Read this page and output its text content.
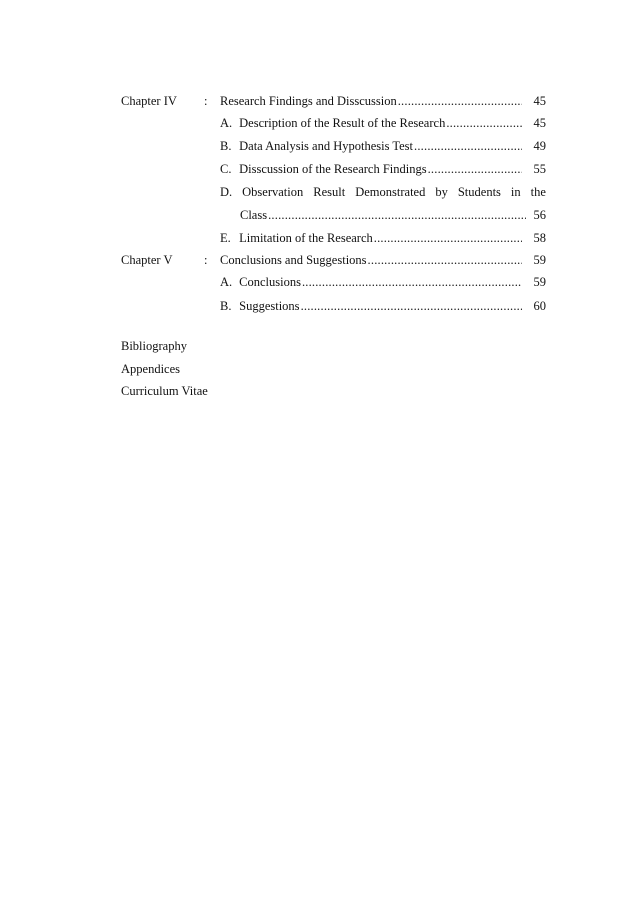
Chapter IV : Research Findings and Disscussion .....	45
A. Description of the Result of the Research .....	45
B. Data Analysis and Hypothesis Test .....	49
C. Disscussion of the Research Findings .....	55
D. Observation Result Demonstrated by Students in the
Class .....	56
E. Limitation of the Research .....	58
Chapter V	: Conclusions and Suggestions .....	59
A. Conclusions .....	59
B. Suggestions .....	60
Bibliography
Appendices
Curriculum Vitae
